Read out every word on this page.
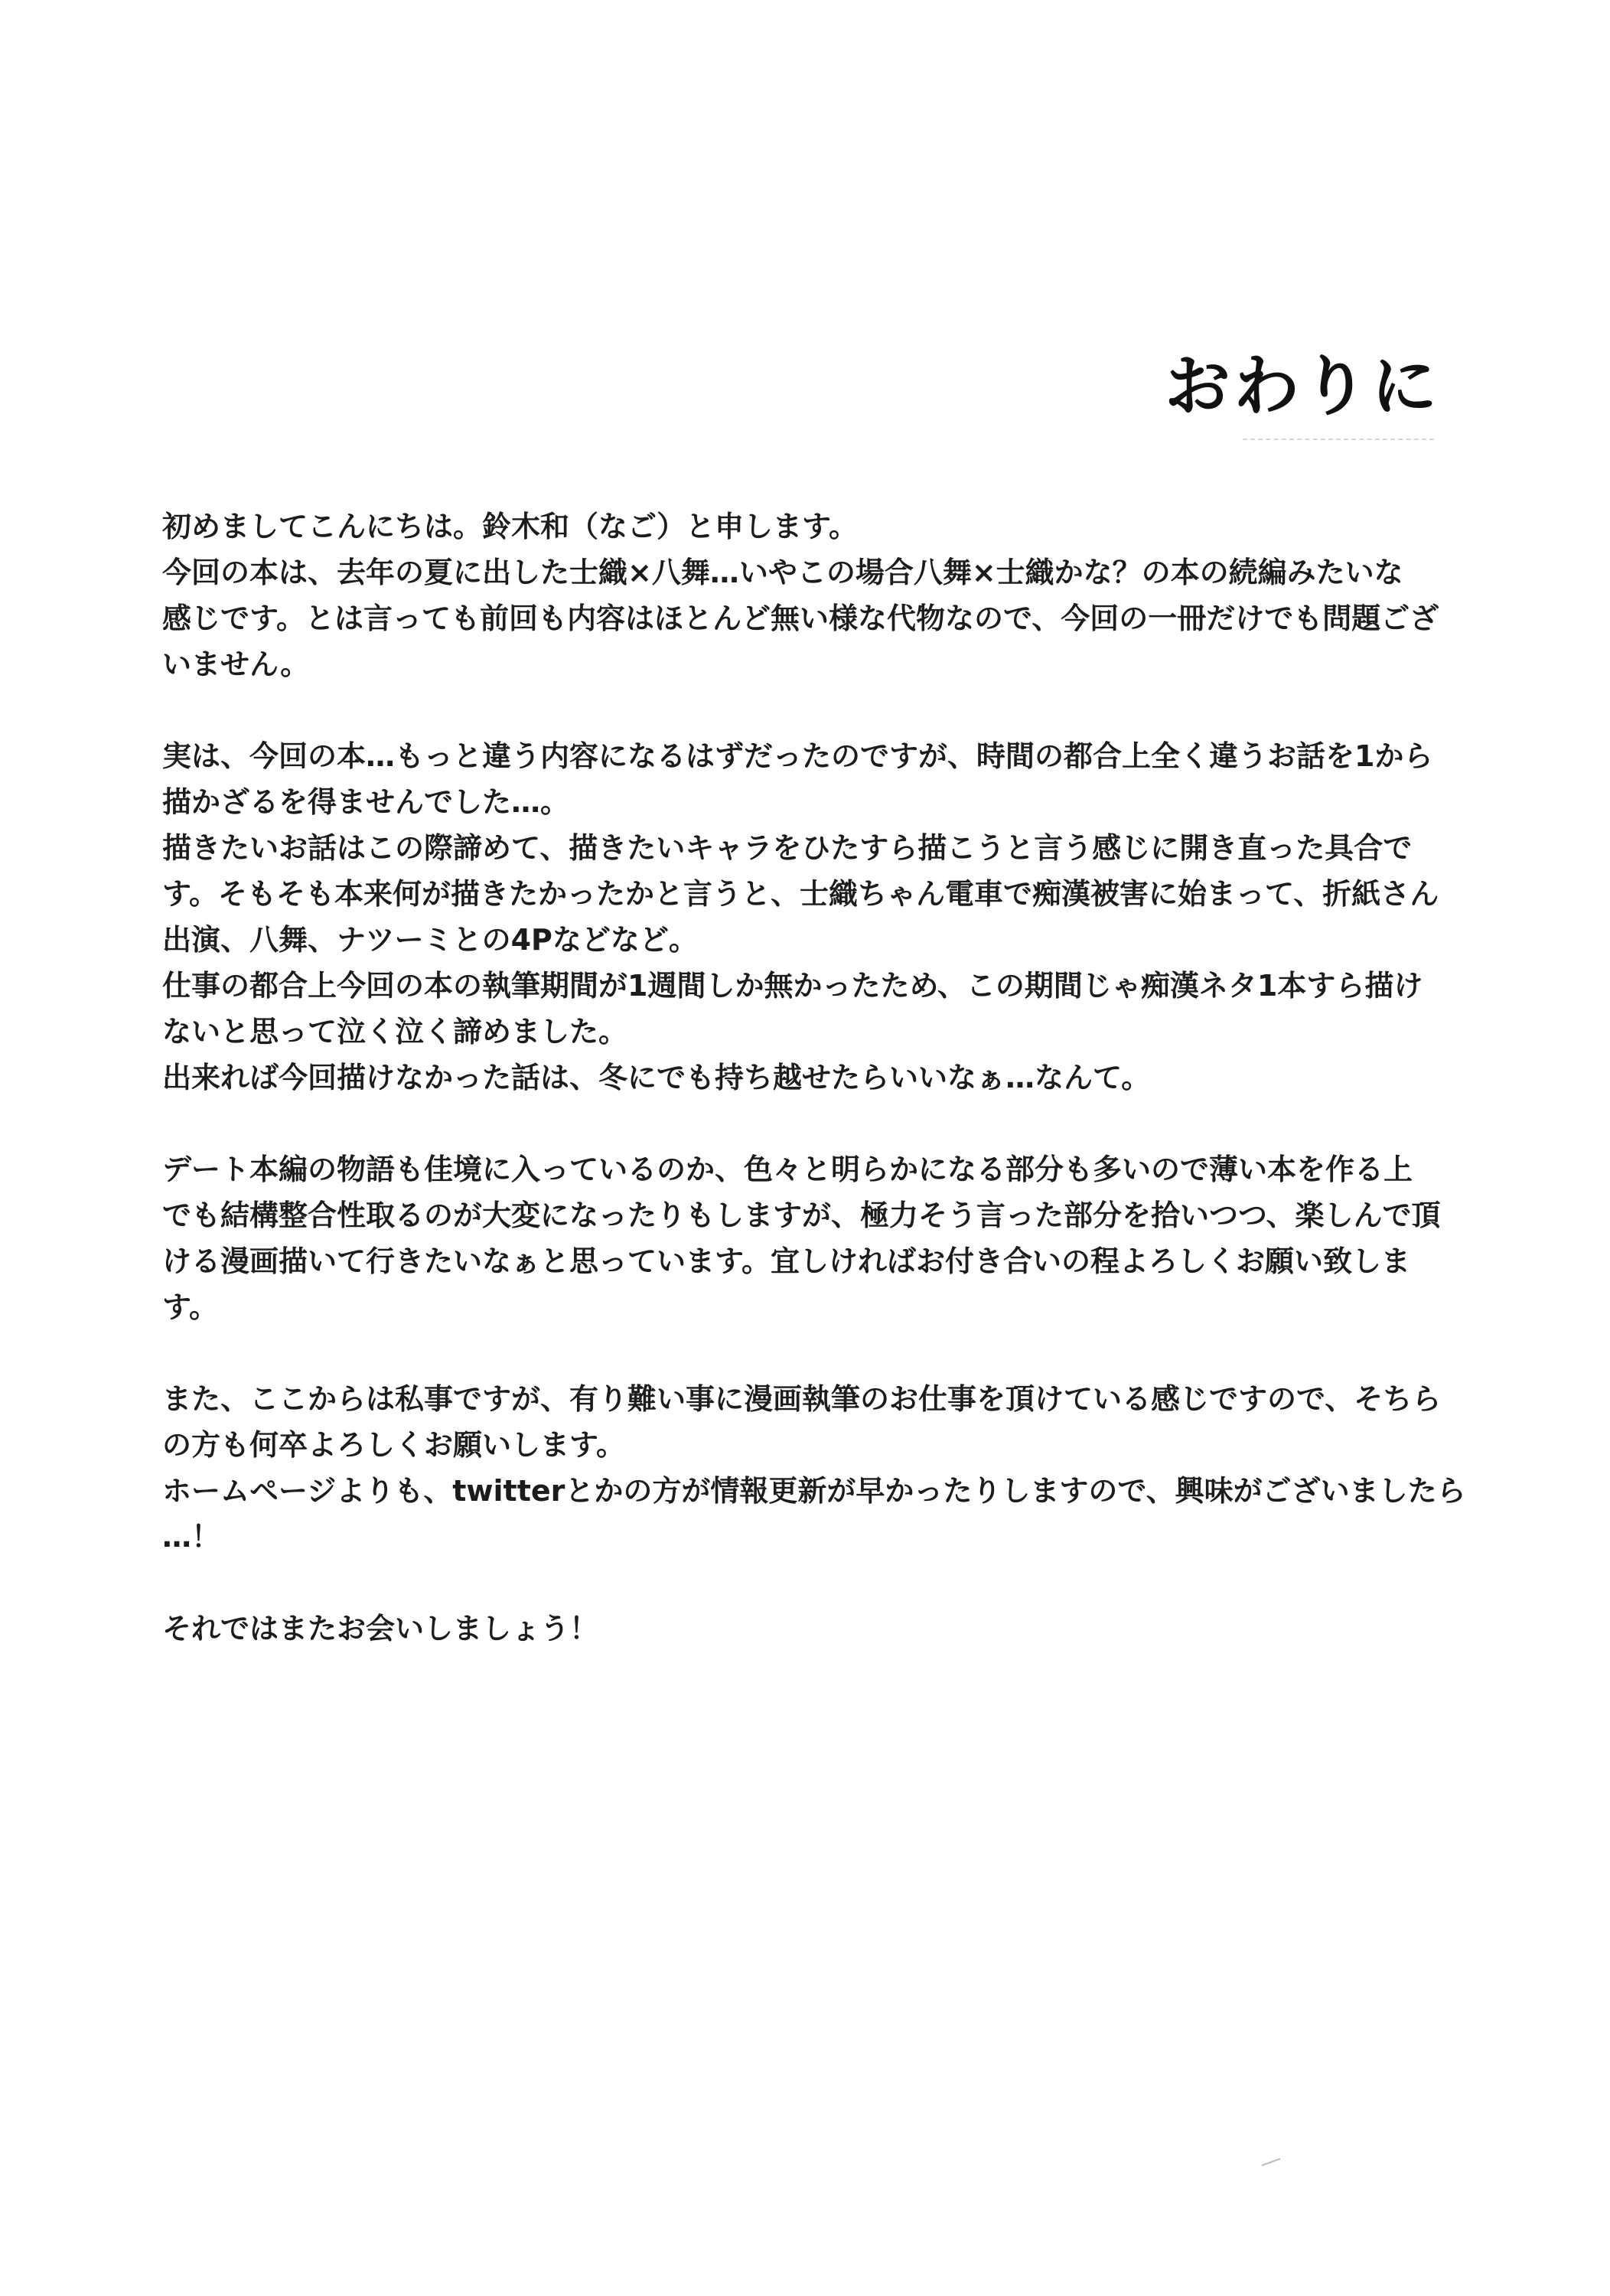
おわりに
初めましてこんにちは。鈴木和（なご）と申します。
今回の本は、去年の夏に出した士織×八舞…いやこの場合八舞×士織かな？の本の続編みたいな
感じです。とは言っても前回も内容はほとんど無い様な代物なので、今回の一冊だけでも問題ござ
いません。
実は、今回の本…もっと違う内容になるはずだったのですが、時間の都合上全く違うお話を1から
描かざるを得ませんでした…。
描きたいお話はこの際諦めて、描きたいキャラをひたすら描こうと言う感じに開き直った具合で
す。そもそも本来何が描きたかったかと言うと、士織ちゃん電車で痴漢被害に始まって、折紙さん
出演、八舞、ナツーミとの4Pなどなど。
仕事の都合上今回の本の執筆期間が1週間しか無かったため、この期間じゃ痴漢ネタ1本すら描け
ないと思って泣く泣く諦めました。
出来れば今回描けなかった話は、冬にでも持ち越せたらいいなぁ…なんて。
デート本編の物語も佳境に入っているのか、色々と明らかになる部分も多いので薄い本を作る上
でも結構整合性取るのが大変になったりもしますが、極力そう言った部分を拾いつつ、楽しんで頂
ける漫画描いて行きたいなぁと思っています。宜しければお付き合いの程よろしくお願い致しま
す。
また、ここからは私事ですが、有り難い事に漫画執筆のお仕事を頂けている感じですので、そちら
の方も何卒よろしくお願いします。
ホームページよりも、twitterとかの方が情報更新が早かったりしますので、興味がございましたら
…！
それではまたお会いしましょう！
